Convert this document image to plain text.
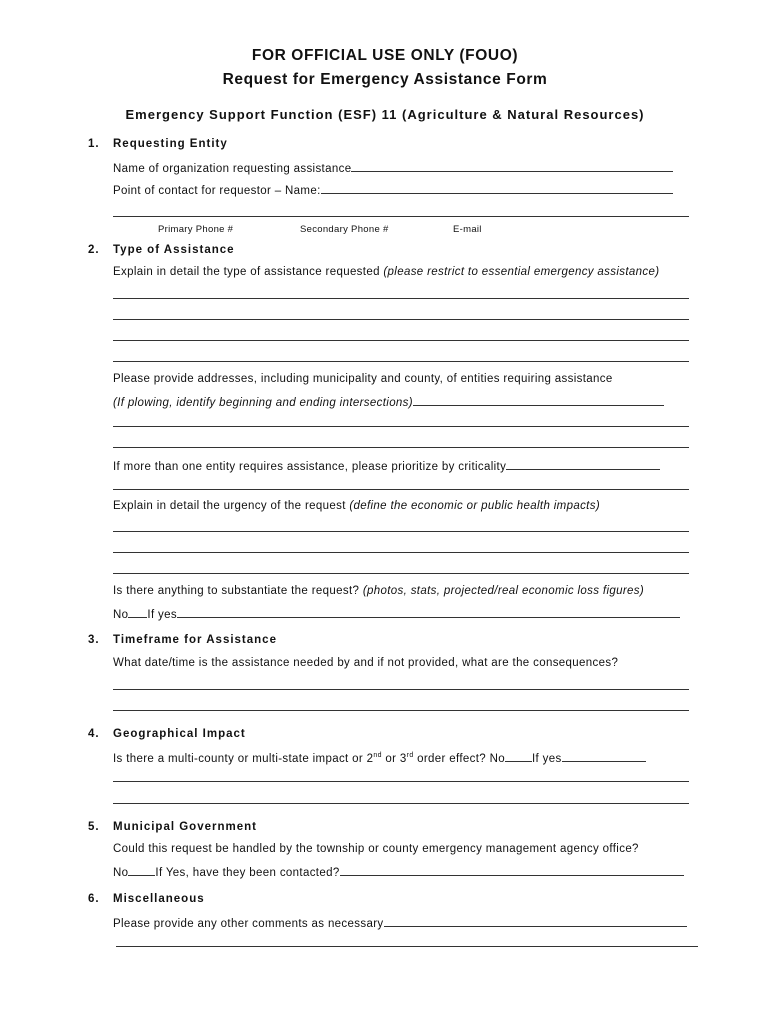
FOR OFFICIAL USE ONLY (FOUO)
Request for Emergency Assistance Form
Emergency Support Function (ESF) 11 (Agriculture & Natural Resources)
1. Requesting Entity
Name of organization requesting assistance
Point of contact for requestor – Name:
Primary Phone #	Secondary Phone #	E-mail
2. Type of Assistance
Explain in detail the type of assistance requested (please restrict to essential emergency assistance)
Please provide addresses, including municipality and county, of entities requiring assistance
(If plowing, identify beginning and ending intersections)
If more than one entity requires assistance, please prioritize by criticality
Explain in detail the urgency of the request (define the economic or public health impacts)
Is there anything to substantiate the request? (photos, stats, projected/real economic loss figures)
No If yes
3. Timeframe for Assistance
What date/time is the assistance needed by and if not provided, what are the consequences?
4. Geographical Impact
Is there a multi-county or multi-state impact or 2nd or 3rd order effect? No If yes
5. Municipal Government
Could this request be handled by the township or county emergency management agency office?
No If Yes, have they been contacted?
6. Miscellaneous
Please provide any other comments as necessary
